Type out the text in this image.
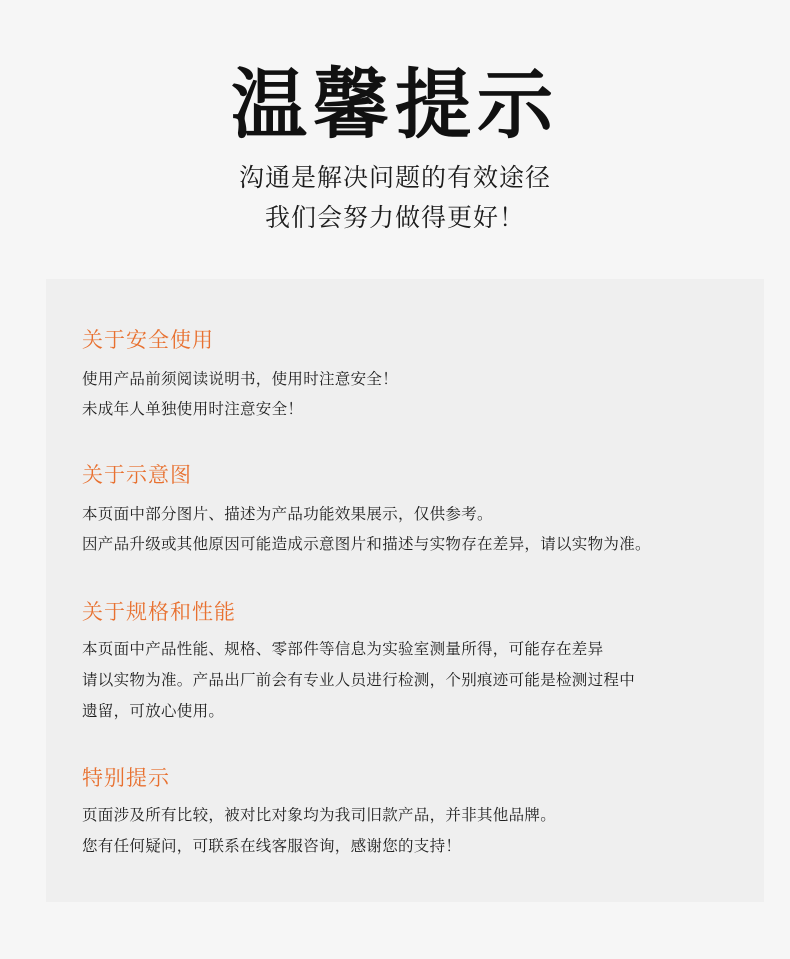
温馨提示
沟通是解决问题的有效途径
我们会努力做得更好！
关于安全使用
使用产品前须阅读说明书，使用时注意安全！
未成年人单独使用时注意安全！
关于示意图
本页面中部分图片、描述为产品功能效果展示，仅供参考。
因产品升级或其他原因可能造成示意图片和描述与实物存在差异，请以实物为准。
关于规格和性能
本页面中产品性能、规格、零部件等信息为实验室测量所得，可能存在差异
请以实物为准。产品出厂前会有专业人员进行检测，个别痕迹可能是检测过程中
遗留，可放心使用。
特别提示
页面涉及所有比较，被对比对象均为我司旧款产品，并非其他品牌。
您有任何疑问，可联系在线客服咨询，感谢您的支持！
